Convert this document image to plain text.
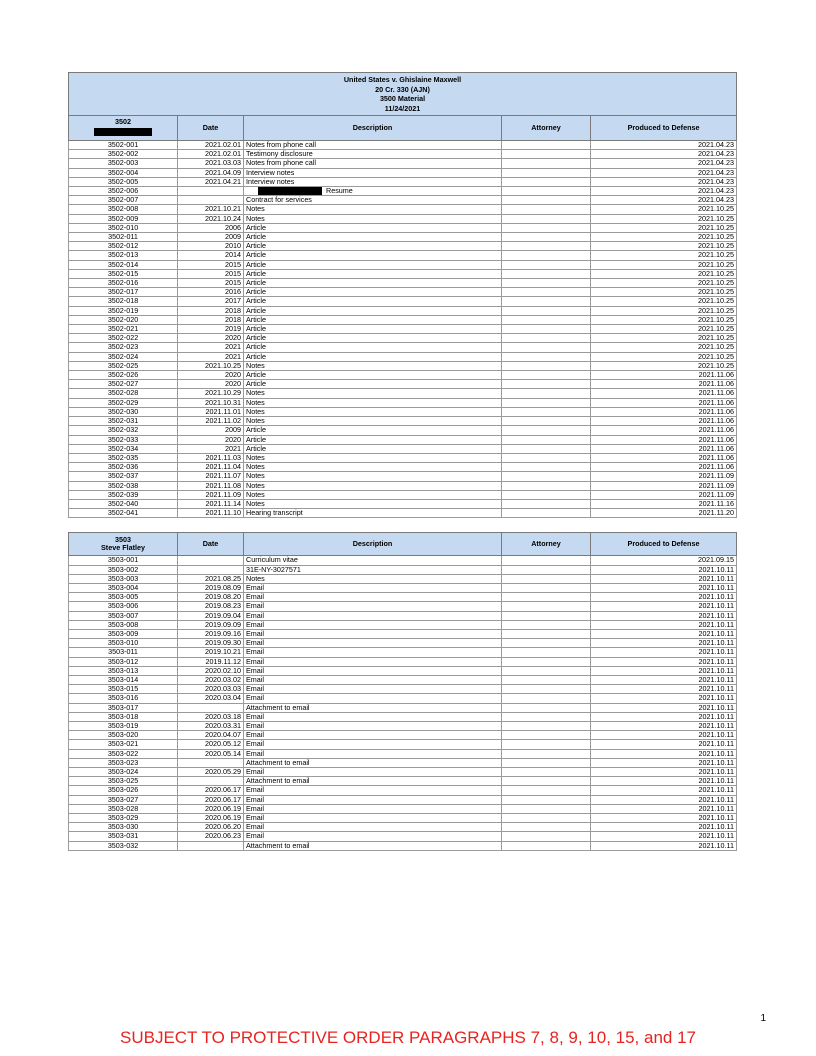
United States v. Ghislaine Maxwell
20 Cr. 330 (AJN)
3500 Material
11/24/2021				

3502	Date	Description	Attorney	Produced to Defense
3502-001	2021.02.01	Notes from phone call		2021.04.23
3502-002	2021.02.01	Testimony disclosure		2021.04.23
3502-003	2021.03.03	Notes from phone call		2021.04.23
3502-004	2021.04.09	Interview notes		2021.04.23
3502-005	2021.04.21	Interview notes		2021.04.23
3502-006		Resume		2021.04.23
3502-007		Contract for services		2021.04.23
3502-008	2021.10.21	Notes		2021.10.25
3502-009	2021.10.24	Notes		2021.10.25
3502-010	2006	Article		2021.10.25
3502-011	2009	Article		2021.10.25
3502-012	2010	Article		2021.10.25
3502-013	2014	Article		2021.10.25
3502-014	2015	Article		2021.10.25
3502-015	2015	Article		2021.10.25
3502-016	2015	Article		2021.10.25
3502-017	2016	Article		2021.10.25
3502-018	2017	Article		2021.10.25
3502-019	2018	Article		2021.10.25
3502-020	2018	Article		2021.10.25
3502-021	2019	Article		2021.10.25
3502-022	2020	Article		2021.10.25
3502-023	2021	Article		2021.10.25
3502-024	2021	Article		2021.10.25
3502-025	2021.10.25	Notes		2021.10.25
3502-026	2020	Article		2021.11.06
3502-027	2020	Article		2021.11.06
3502-028	2021.10.29	Notes		2021.11.06
3502-029	2021.10.31	Notes		2021.11.06
3502-030	2021.11.01	Notes		2021.11.06
3502-031	2021.11.02	Notes		2021.11.06
3502-032	2009	Article		2021.11.06
3502-033	2020	Article		2021.11.06
3502-034	2021	Article		2021.11.06
3502-035	2021.11.03	Notes		2021.11.06
3502-036	2021.11.04	Notes		2021.11.06
3502-037	2021.11.07	Notes		2021.11.09
3502-038	2021.11.08	Notes		2021.11.09
3502-039	2021.11.09	Notes		2021.11.09
3502-040	2021.11.14	Notes		2021.11.16
3502-041	2021.11.10	Hearing transcript		2021.11.20
3503
Steve Flatley	Date	Description	Attorney	Produced to Defense
3503-001		Curriculum vitae		2021.09.15
3503-002		31E-NY-3027571		2021.10.11
3503-003	2021.08.25	Notes		2021.10.11
3503-004	2019.08.09	Email		2021.10.11
3503-005	2019.08.20	Email		2021.10.11
3503-006	2019.08.23	Email		2021.10.11
3503-007	2019.09.04	Email		2021.10.11
3503-008	2019.09.09	Email		2021.10.11
3503-009	2019.09.16	Email		2021.10.11
3503-010	2019.09.30	Email		2021.10.11
3503-011	2019.10.21	Email		2021.10.11
3503-012	2019.11.12	Email		2021.10.11
3503-013	2020.02.10	Email		2021.10.11
3503-014	2020.03.02	Email		2021.10.11
3503-015	2020.03.03	Email		2021.10.11
3503-016	2020.03.04	Email		2021.10.11
3503-017		Attachment to email		2021.10.11
3503-018	2020.03.18	Email		2021.10.11
3503-019	2020.03.31	Email		2021.10.11
3503-020	2020.04.07	Email		2021.10.11
3503-021	2020.05.12	Email		2021.10.11
3503-022	2020.05.14	Email		2021.10.11
3503-023		Attachment to email		2021.10.11
3503-024	2020.05.29	Email		2021.10.11
3503-025		Attachment to email		2021.10.11
3503-026	2020.06.17	Email		2021.10.11
3503-027	2020.06.17	Email		2021.10.11
3503-028	2020.06.19	Email		2021.10.11
3503-029	2020.06.19	Email		2021.10.11
3503-030	2020.06.20	Email		2021.10.11
3503-031	2020.06.23	Email		2021.10.11
3503-032		Attachment to email		2021.10.11
1
SUBJECT TO PROTECTIVE ORDER PARAGRAPHS 7, 8, 9, 10, 15, and 17
